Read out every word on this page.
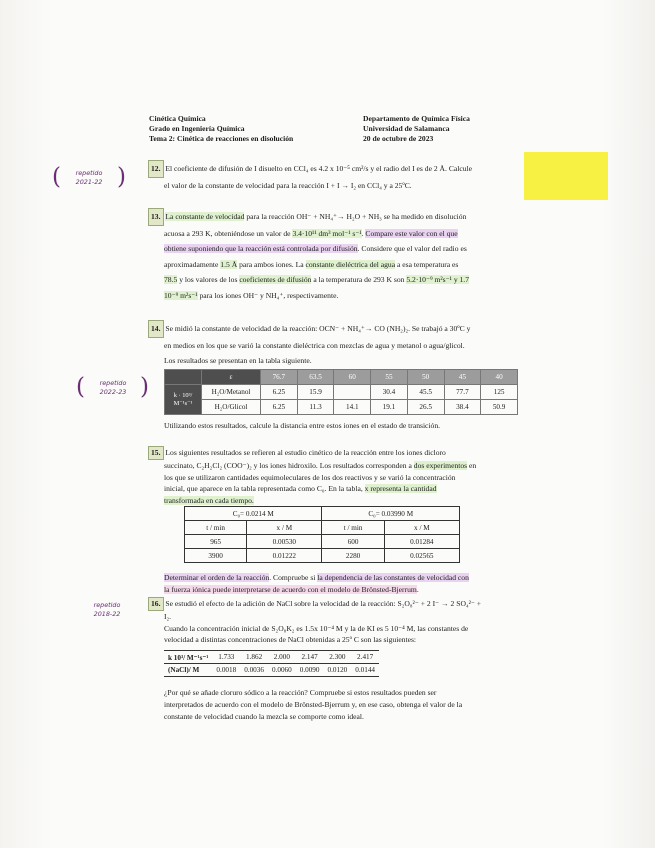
Cinética Química
Grado en Ingeniería Química
Tema 2: Cinética de reacciones en disolución
Departamento de Química Física
Universidad de Salamanca
20 de octubre de 2023
(	repetido
2021-22 )	12. El coeficiente de difusión de I disuelto en CCl₄ es 4.2 x 10⁻⁵ cm²/s y el radio del I es de 2 Å. Calcule
el valor de la constante de velocidad para la reacción I + I → I₂ en CCl₄ y a 25ºC.
13. La constante de velocidad para la reacción OH⁻ + NH₄⁺→ H₂O + NH₃ se ha medido en disolución
acuosa a 293 K, obteniéndose un valor de 3.4·10¹¹ dm³ mol⁻¹ s⁻¹. Compare este valor con el que
obtiene suponiendo que la reacción está controlada por difusión. Considere que el valor del radio es
aproximadamente 1.5 Å para ambos iones. La constante dieléctrica del agua a esa temperatura es
78.5 y los valores de los coeficientes de difusión a la temperatura de 293 K son 5.2·10⁻⁹ m²s⁻¹ y 1.7
10⁻⁹ m²s⁻¹ para los iones OH⁻ y NH₄⁺, respectivamente.
14. Se midió la constante de velocidad de la reacción: OCN⁻ + NH₄⁺→ CO (NH₂)₂. Se trabajó a 30ºC y
en medios en los que se varió la constante dieléctrica con mezclas de agua y metanol o agua/glicol.
Los resultados se presentan en la tabla siguiente.
(	repetido
2022-23 )
		ε	76.7	63.5	60	55	50	45	40
k · 10³/ M⁻¹s⁻¹	H₂O/Metanol	6.25	15.9		30.4	45.5	77.7	125
	H₂O/Glicol	6.25	11.3	14.1	19.1	26.5	38.4	50.9
Utilizando estos resultados, calcule la distancia entre estos iones en el estado de transición.
15. Los siguientes resultados se refieren al estudio cinético de la reacción entre los iones dicloro
succinato, C₂H₂Cl₂ (COO⁻)₂ y los iones hidroxilo. Los resultados corresponden a dos experimentos en
los que se utilizaron cantidades equimoleculares de los dos reactivos y se varió la concentración
inicial, que aparece en la tabla representada como C₀. En la tabla, x representa la cantidad
transformada en cada tiempo.
C₀= 0.0214 M		C₀= 0.03990 M	
t / min	x / M	t / min	x / M
965	0.00530	600	0.01284
3900	0.01222	2280	0.02565
Determinar el orden de la reacción. Compruebe si la dependencia de las constantes de velocidad con
la fuerza iónica puede interpretarse de acuerdo con el modelo de Brönsted-Bjerrum.
repetido
2018-22
16. Se estudió el efecto de la adición de NaCl sobre la velocidad de la reacción: S₂O₈²⁻ + 2 I⁻ → 2 SO₄²⁻ +
I₂.
Cuando la concentración inicial de S₂O₈K₂ es 1.5x 10⁻⁴ M y la de KI es 5 10⁻⁴ M, las constantes de
velocidad a distintas concentraciones de NaCl obtenidas a 25º C son las siguientes:
k 10³/ M⁻¹s⁻¹	1.733	1.862	2.000	2.147	2.300	2.417
(NaCl)/ M	0.0018	0.0036	0.0060	0.0090	0.0120	0.0144
¿Por qué se añade cloruro sódico a la reacción? Compruebe si estos resultados pueden ser
interpretados de acuerdo con el modelo de Brönsted-Bjerrum y, en ese caso, obtenga el valor de la
constante de velocidad cuando la mezcla se comporte como ideal.
